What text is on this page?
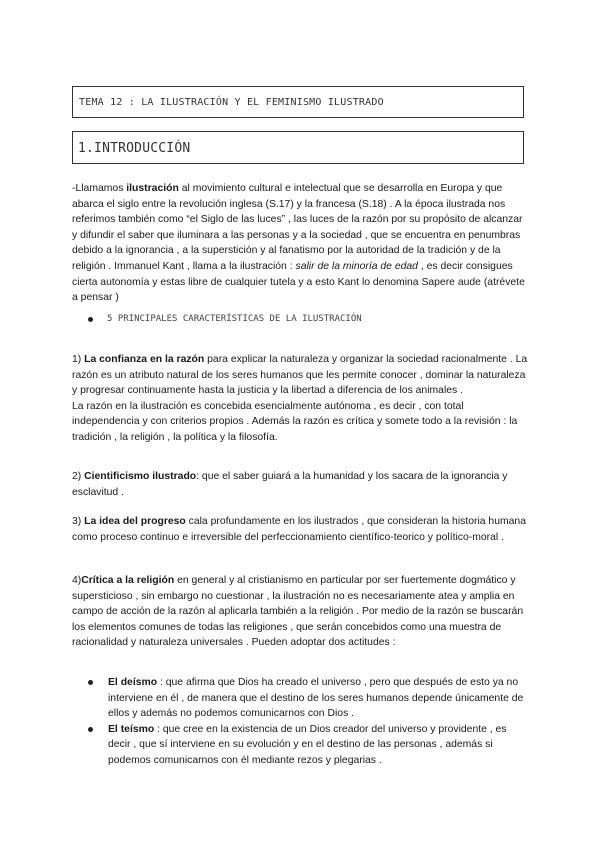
TEMA 12 : LA ILUSTRACIÓN Y EL FEMINISMO ILUSTRADO
1.INTRODUCCIÓN

-Llamamos ilustración al movimiento cultural e intelectual que se desarrolla en Europa y que abarca el siglo entre la revolución inglesa (S.17) y la francesa (S.18) . A la época ilustrada nos referimos también como “el Siglo de las luces” , las luces de la razón por su propósito de alcanzar y difundir el saber que iluminara a las personas y a la sociedad , que se encuentra en penumbras debido a la ignorancia , a la superstición y al fanatismo por la autoridad de la tradición y de la religión . Immanuel Kant , llama a la ilustración : salir de la minoría de edad , es decir consigues cierta autonomía y estas libre de cualquier tutela y a esto Kant lo denomina Sapere aude (atrévete a pensar )

5 PRINCIPALES CARACTERÍSTICAS DE LA ILUSTRACIÓN

1) La confianza en la razón para explicar la naturaleza y organizar la sociedad racionalmente . La razón es un atributo natural de los seres humanos que les permite conocer , dominar la naturaleza y progresar continuamente hasta la justicia y la libertad a diferencia de los animales .
La razón en la ilustración es concebida esencialmente autónoma , es decir , con total independencia y con criterios propios . Además la razón es crítica y somete todo a la revisión : la tradición , la religión , la política y la filosofía.

2) Cientificismo ilustrado: que el saber guiará a la humanidad y los sacara de la ignorancia y esclavitud .

3) La idea del progreso cala profundamente en los ilustrados , que consideran la historia humana como proceso continuo e irreversible del perfeccionamiento científico-teorico y político-moral .

4)Crítica a la religión en general y al cristianismo en particular por ser fuertemente dogmático y supersticioso , sin embargo no cuestionar , la ilustración no es necesariamente atea y amplia en campo de acción de la razón al aplicarla también a la religión . Por medio de la razón se buscarán los elementos comunes de todas las religiones , que serán concebidos como una muestra de racionalidad y naturaleza universales . Pueden adoptar dos actitudes :

El deísmo : que afirma que Dios ha creado el universo , pero que después de esto ya no interviene en él , de manera que el destino de los seres humanos depende únicamente de ellos y además no podemos comunicarnos con Dios .
El teísmo : que cree en la existencia de un Dios creador del universo y providente , es decir , que sí interviene en su evolución y en el destino de las personas , además si podemos comunicarnos con él mediante rezos y plegarias .
